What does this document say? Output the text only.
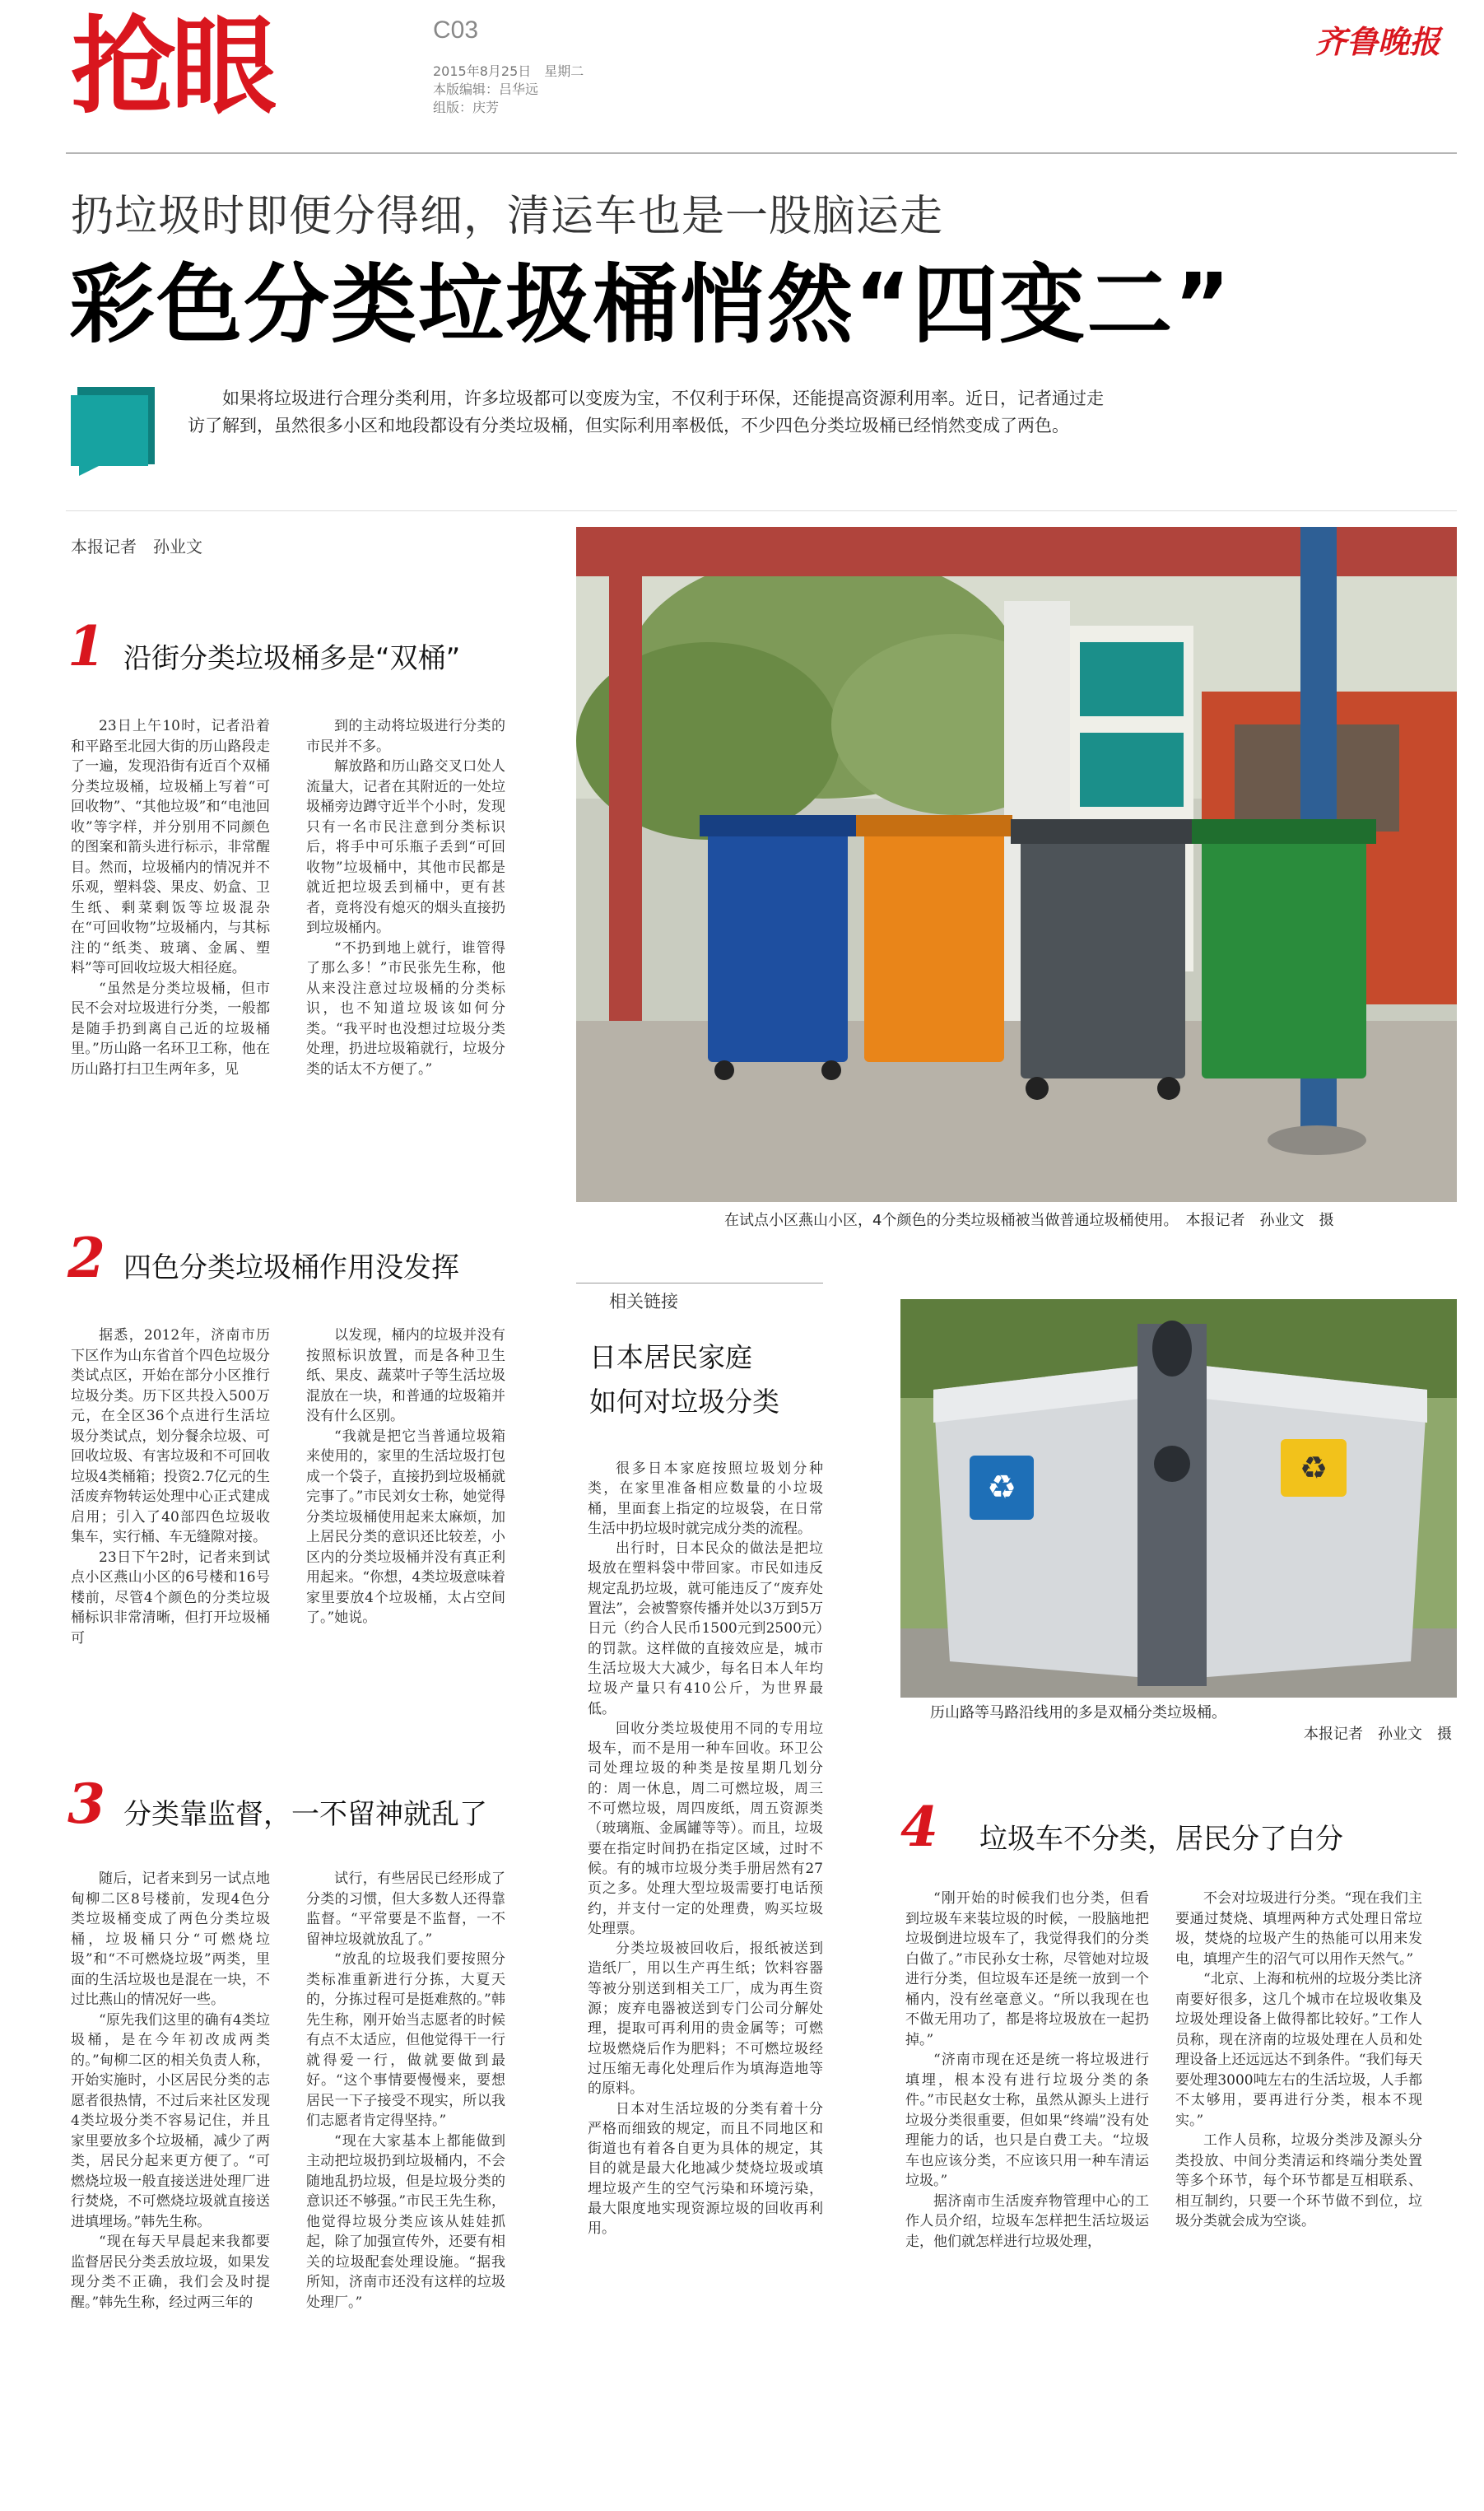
抢眼	C03
2015年8月25日　星期二
本版编辑：吕华远
组版：庆芳
齐鲁晚报
扔垃圾时即便分得细，清运车也是一股脑运走
彩色分类垃圾桶悄然“四变二”
如果将垃圾进行合理分类利用，许多垃圾都可以变废为宝，不仅利于环保，还能提高资源利用率。近日，记者通过走访了解到，虽然很多小区和地段都设有分类垃圾桶，但实际利用率极低，不少四色分类垃圾桶已经悄然变成了两色。
本报记者　孙业文
1 沿街分类垃圾桶多是“双桶”

23日上午10时，记者沿着和平路至北园大街的历山路段走了一遍，发现沿街有近百个双桶分类垃圾桶，垃圾桶上写着“可回收物”、“其他垃圾”和“电池回收”等字样，并分别用不同颜色的图案和箭头进行标示，非常醒目。然而，垃圾桶内的情况并不乐观，塑料袋、果皮、奶盒、卫生纸、剩菜剩饭等垃圾混杂在“可回收物”垃圾桶内，与其标注的“纸类、玻璃、金属、塑料”等可回收垃圾大相径庭。

“虽然是分类垃圾桶，但市民不会对垃圾进行分类，一般都是随手扔到离自己近的垃圾桶里。”历山路一名环卫工称，他在历山路打扫卫生两年多，见

到的主动将垃圾进行分类的市民并不多。

解放路和历山路交叉口处人流量大，记者在其附近的一处垃圾桶旁边蹲守近半个小时，发现只有一名市民注意到分类标识后，将手中可乐瓶子丢到“可回收物”垃圾桶中，其他市民都是就近把垃圾丢到桶中，更有甚者，竟将没有熄灭的烟头直接扔到垃圾桶内。

“不扔到地上就行，谁管得了那么多！”市民张先生称，他从来没注意过垃圾桶的分类标识，也不知道垃圾该如何分类。“我平时也没想过垃圾分类处理，扔进垃圾箱就行，垃圾分类的话太不方便了。”

在试点小区燕山小区，4个颜色的分类垃圾桶被当做普通垃圾桶使用。　本报记者　孙业文　摄
2 四色分类垃圾桶作用没发挥

据悉，2012年，济南市历下区作为山东省首个四色垃圾分类试点区，开始在部分小区推行垃圾分类。历下区共投入500万元，在全区36个点进行生活垃圾分类试点，划分餐余垃圾、可回收垃圾、有害垃圾和不可回收垃圾4类桶箱；投资2.7亿元的生活废弃物转运处理中心正式建成启用；引入了40部四色垃圾收集车，实行桶、车无缝隙对接。

23日下午2时，记者来到试点小区燕山小区的6号楼和16号楼前，尽管4个颜色的分类垃圾桶标识非常清晰，但打开垃圾桶可

以发现，桶内的垃圾并没有按照标识放置，而是各种卫生纸、果皮、蔬菜叶子等生活垃圾混放在一块，和普通的垃圾箱并没有什么区别。

“我就是把它当普通垃圾箱来使用的，家里的生活垃圾打包成一个袋子，直接扔到垃圾桶就完事了。”市民刘女士称，她觉得分类垃圾桶使用起来太麻烦，加上居民分类的意识还比较差，小区内的分类垃圾桶并没有真正利用起来。“你想，4类垃圾意味着家里要放4个垃圾桶，太占空间了。”她说。

3 分类靠监督，一不留神就乱了

随后，记者来到另一试点地甸柳二区8号楼前，发现4色分类垃圾桶变成了两色分类垃圾桶，垃圾桶只分“可燃烧垃圾”和“不可燃烧垃圾”两类，里面的生活垃圾也是混在一块，不过比燕山的情况好一些。

“原先我们这里的确有4类垃圾桶，是在今年初改成两类的。”甸柳二区的相关负责人称，开始实施时，小区居民分类的志愿者很热情，不过后来社区发现4类垃圾分类不容易记住，并且家里要放多个垃圾桶，减少了两类，居民分起来更方便了。“可燃烧垃圾一般直接送进处理厂进行焚烧，不可燃烧垃圾就直接送进填埋场。”韩先生称。

“现在每天早晨起来我都要监督居民分类丢放垃圾，如果发现分类不正确，我们会及时提醒。”韩先生称，经过两三年的

试行，有些居民已经形成了分类的习惯，但大多数人还得靠监督。“平常要是不监督，一不留神垃圾就放乱了。”

“放乱的垃圾我们要按照分类标准重新进行分拣，大夏天的，分拣过程可是挺难熬的。”韩先生称，刚开始当志愿者的时候有点不太适应，但他觉得干一行就得爱一行，做就要做到最好。“这个事情要慢慢来，要想居民一下子接受不现实，所以我们志愿者肯定得坚持。”

“现在大家基本上都能做到主动把垃圾扔到垃圾桶内，不会随地乱扔垃圾，但是垃圾分类的意识还不够强。”市民王先生称，他觉得垃圾分类应该从娃娃抓起，除了加强宣传外，还要有相关的垃圾配套处理设施。“据我所知，济南市还没有这样的垃圾处理厂。”

相关链接
日本居民家庭
如何对垃圾分类

很多日本家庭按照垃圾划分种类，在家里准备相应数量的小垃圾桶，里面套上指定的垃圾袋，在日常生活中扔垃圾时就完成分类的流程。

出行时，日本民众的做法是把垃圾放在塑料袋中带回家。市民如违反规定乱扔垃圾，就可能违反了“废弃处置法”，会被警察传播并处以3万到5万日元（约合人民币1500元到2500元）的罚款。这样做的直接效应是，城市生活垃圾大大减少，每名日本人年均垃圾产量只有410公斤，为世界最低。

回收分类垃圾使用不同的专用垃圾车，而不是用一种车回收。环卫公司处理垃圾的种类是按星期几划分的：周一休息，周二可燃垃圾，周三不可燃垃圾，周四废纸，周五资源类（玻璃瓶、金属罐等等）。而且，垃圾要在指定时间扔在指定区域，过时不候。有的城市垃圾分类手册居然有27页之多。处理大型垃圾需要打电话预约，并支付一定的处理费，购买垃圾处理票。

分类垃圾被回收后，报纸被送到造纸厂，用以生产再生纸；饮料容器等被分别送到相关工厂，成为再生资源；废弃电器被送到专门公司分解处理，提取可再利用的贵金属等；可燃垃圾燃烧后作为肥料；不可燃垃圾经过压缩无毒化处理后作为填海造地等的原料。

日本对生活垃圾的分类有着十分严格而细致的规定，而且不同地区和街道也有着各自更为具体的规定，其目的就是最大化地减少焚烧垃圾或填埋垃圾产生的空气污染和环境污染，最大限度地实现资源垃圾的回收再利用。

♻
♻
历山路等马路沿线用的多是双桶分类垃圾桶。
本报记者　孙业文　摄
4 垃圾车不分类，居民分了白分

“刚开始的时候我们也分类，但看到垃圾车来装垃圾的时候，一股脑地把垃圾倒进垃圾车了，我觉得我们的分类白做了。”市民孙女士称，尽管她对垃圾进行分类，但垃圾车还是统一放到一个桶内，没有丝毫意义。“所以我现在也不做无用功了，都是将垃圾放在一起扔掉。”

“济南市现在还是统一将垃圾进行填埋，根本没有进行垃圾分类的条件。”市民赵女士称，虽然从源头上进行垃圾分类很重要，但如果“终端”没有处理能力的话，也只是白费工夫。“垃圾车也应该分类，不应该只用一种车清运垃圾。”

据济南市生活废弃物管理中心的工作人员介绍，垃圾车怎样把生活垃圾运走，他们就怎样进行垃圾处理，

不会对垃圾进行分类。“现在我们主要通过焚烧、填埋两种方式处理日常垃圾，焚烧的垃圾产生的热能可以用来发电，填埋产生的沼气可以用作天然气。”

“北京、上海和杭州的垃圾分类比济南要好很多，这几个城市在垃圾收集及垃圾处理设备上做得都比较好。”工作人员称，现在济南的垃圾处理在人员和处理设备上还远远达不到条件。“我们每天要处理3000吨左右的生活垃圾，人手都不太够用，要再进行分类，根本不现实。”

工作人员称，垃圾分类涉及源头分类投放、中间分类清运和终端分类处置等多个环节，每个环节都是互相联系、相互制约，只要一个环节做不到位，垃圾分类就会成为空谈。
